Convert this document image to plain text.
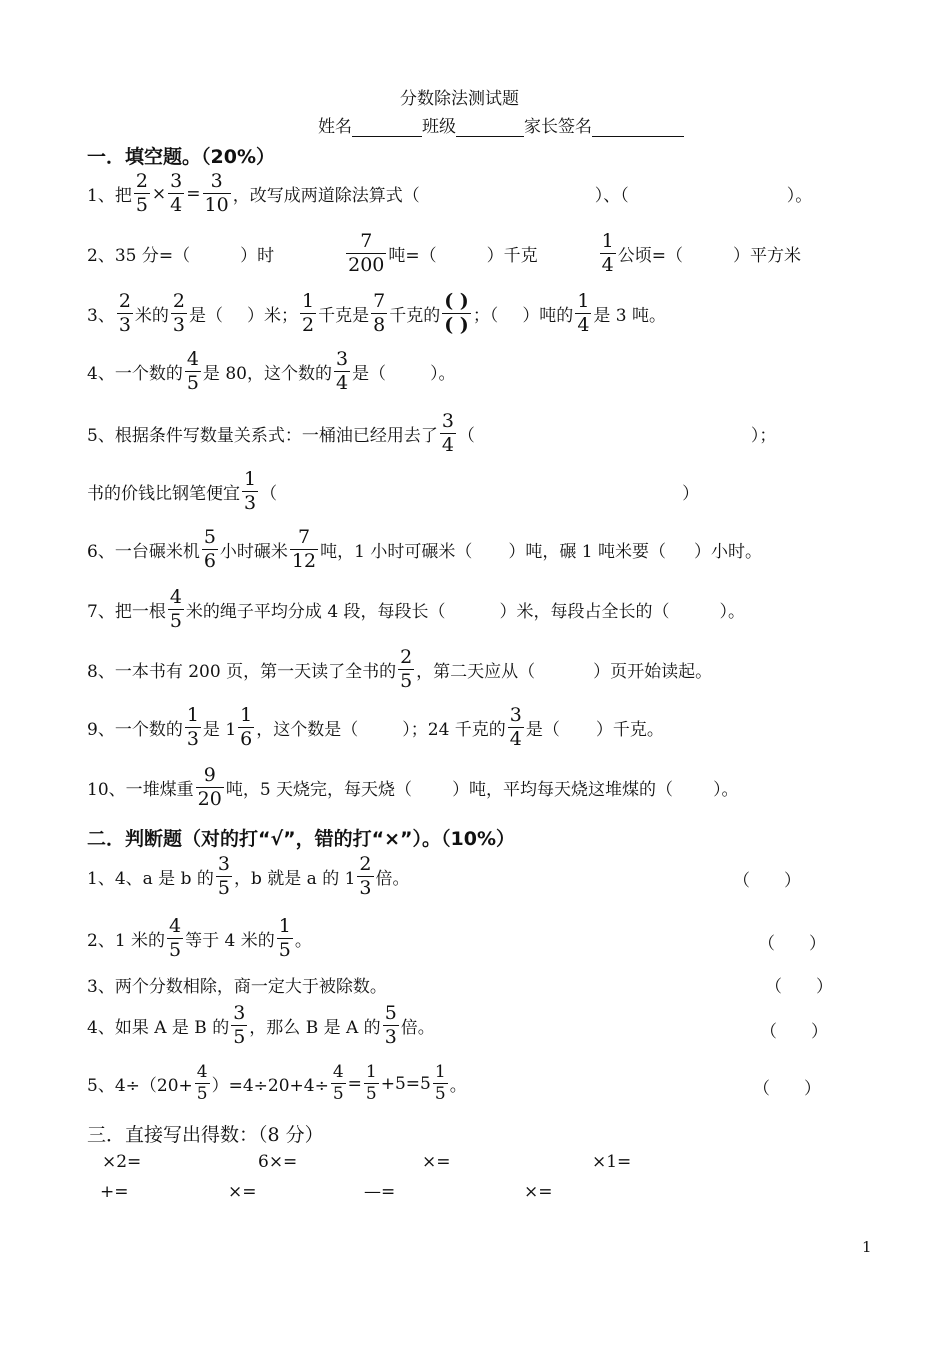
分数除法测试题
姓名	班级	家长签名
一．填空题。（20%）
1、把 $\frac{2}{5} \times \frac{3}{4} = \frac{3}{10}$ ，改写成两道除法算式（	）、（	）。
2、35 分=（	）时	$\frac{7}{200}$ 吨=（	）千克	$\frac{1}{4}$ 公顷=（	）平方米
3、 $\frac{2}{3}$ 米的 $\frac{2}{3}$ 是（ ）米； $\frac{1}{2}$ 千克是 $\frac{7}{8}$ 千克的 $\frac{( )}{( )}$ ；（ ）吨的 $\frac{1}{4}$ 是 3 吨。
4、一个数的 $\frac{4}{5}$ 是 80，这个数的 $\frac{3}{4}$ 是（	）。
5、根据条件写数量关系式：一桶油已经用去了 $\frac{3}{4}$ （	）；
书的价钱比钢笔便宜 $\frac{1}{3}$ （	）
6、一台碾米机 $\frac{5}{6}$ 小时碾米 $\frac{7}{12}$ 吨，1 小时可碾米（ ）吨，碾 1 吨米要（ ）小时。
7、把一根 $\frac{4}{5}$ 米的绳子平均分成 4 段，每段长（	）米，每段占全长的（	）。
8、一本书有 200 页，第一天读了全书的 $\frac{2}{5}$ ，第二天应从（	）页开始读起。
9、一个数的 $\frac{1}{3}$ 是 $1 \frac{1}{6}$ ，这个数是（	）；24 千克的 $\frac{3}{4}$ 是（ ）千克。
10、一堆煤重 $\frac{9}{20}$ 吨，5 天烧完，每天烧（ ）吨，平均每天烧这堆煤的（ ）。
二．判断题（对的打“√”，错的打“×”）。（10%）
1、4、a 是 b 的 $\frac{3}{5}$ ，b 就是 a 的 $1 \frac{2}{3}$ 倍。	（　　）
2、1 米的 $\frac{4}{5}$ 等于 4 米的 $\frac{1}{5}$ 。	（　　）
3、两个分数相除，商一定大于被除数。	（　　）
4、如果 A 是 B 的 $\frac{3}{5}$ ，那么 B 是 A 的 $\frac{5}{3}$ 倍。	（　　）
5、$4\div(20+ \frac{4}{5} )=4\div 20+4\div \frac{4}{5} = \frac{1}{5} +5=5 \frac{1}{5}$ 。	（　　）
三．直接写出得数：（8 分）
×2=	6×=	×=	×1=
+=	×=	—=	×=
1
